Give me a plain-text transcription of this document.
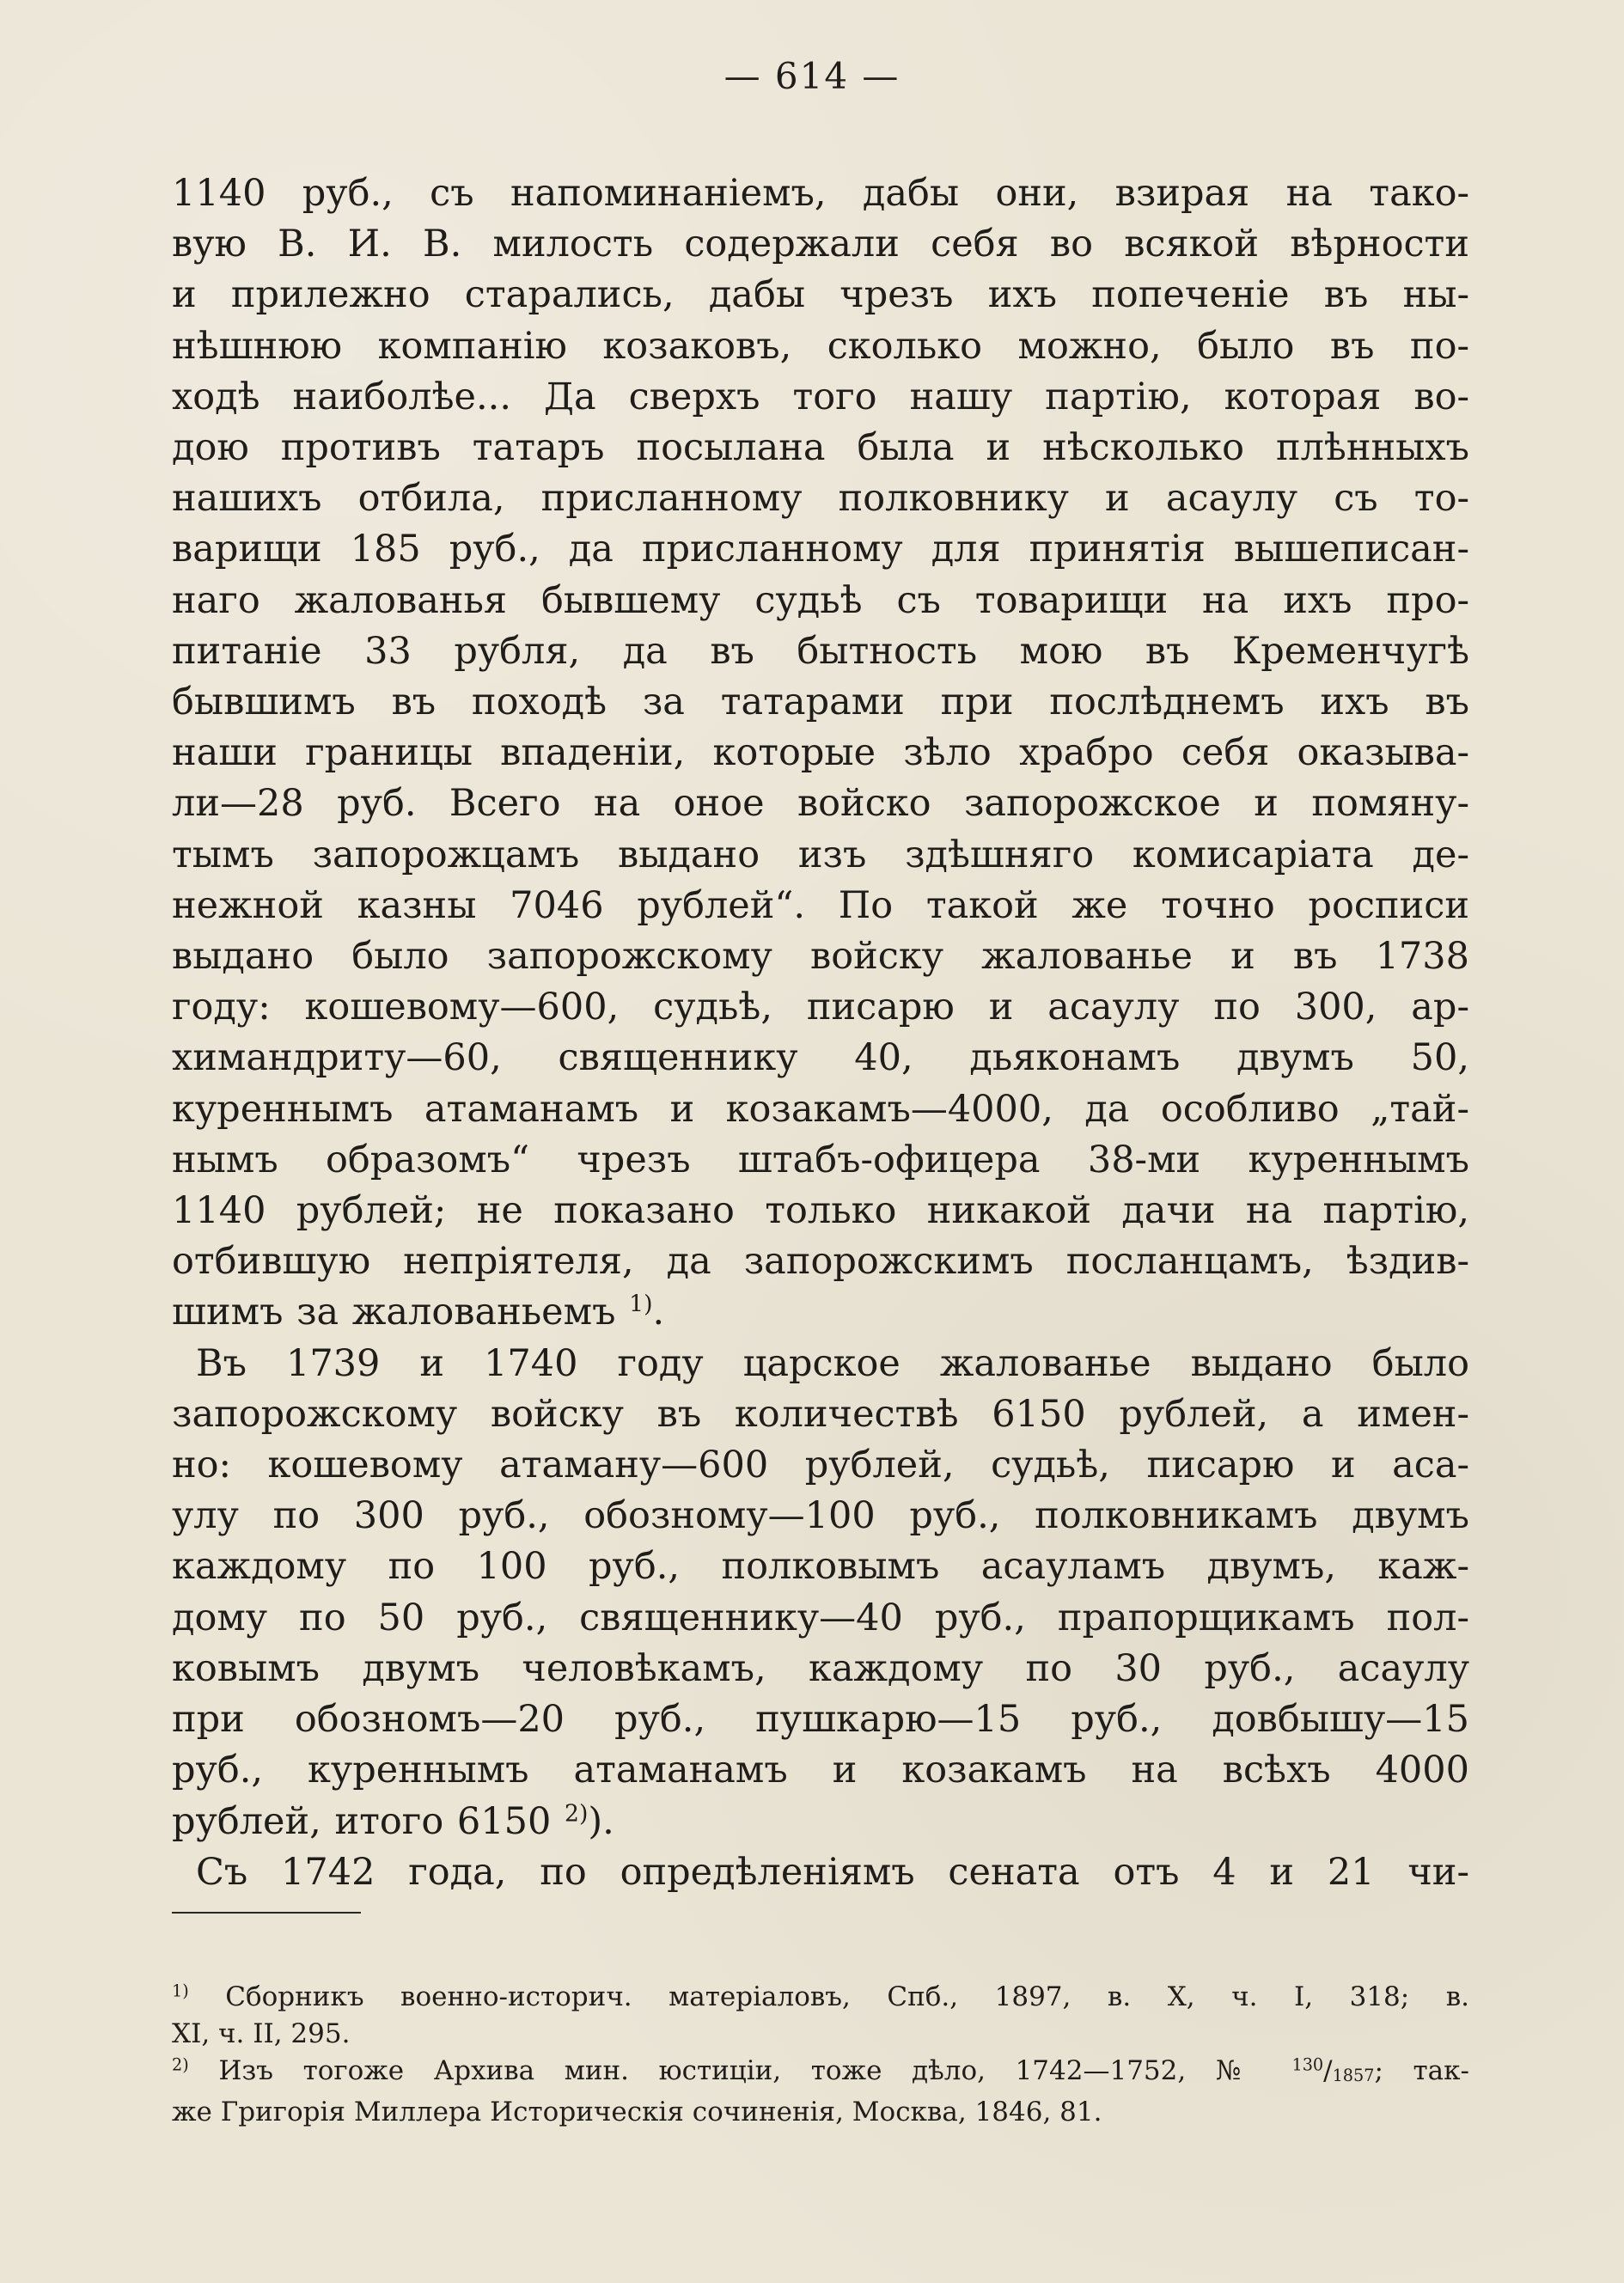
— 614 —
1140 руб., съ напоминаніемъ, дабы они, взирая на тако-
вую В. И. В. милость содержали себя во всякой вѣрности
и прилежно старались, дабы чрезъ ихъ попеченіе въ ны-
нѣшнюю компанію козаковъ, сколько можно, было въ по-
ходѣ наиболѣе... Да сверхъ того нашу партію, которая во-
дою противъ татаръ посылана была и нѣсколько плѣнныхъ
нашихъ отбила, присланному полковнику и асаулу съ то-
варищи 185 руб., да присланному для принятія вышеписан-
наго жалованья бывшему судьѣ съ товарищи на ихъ про-
питаніе 33 рубля, да въ бытность мою въ Кременчугѣ
бывшимъ въ походѣ за татарами при послѣднемъ ихъ въ
наши границы впаденіи, которые зѣло храбро себя оказыва-
ли—28 руб. Всего на оное войско запорожское и помяну-
тымъ запорожцамъ выдано изъ здѣшняго комисаріата де-
нежной казны 7046 рублей“. По такой же точно росписи
выдано было запорожскому войску жалованье и въ 1738
году: кошевому—600, судьѣ, писарю и асаулу по 300, ар-
химандриту—60, священнику 40, дьяконамъ двумъ 50,
куреннымъ атаманамъ и козакамъ—4000, да особливо „тай-
нымъ образомъ“ чрезъ штабъ-офицера 38-ми куреннымъ
1140 рублей; не показано только никакой дачи на партію,
отбившую непріятеля, да запорожскимъ посланцамъ, ѣздив-
шимъ за жалованьемъ $^{1)}$.
Въ 1739 и 1740 году царское жалованье выдано было
запорожскому войску въ количествѣ 6150 рублей, а имен-
но: кошевому атаману—600 рублей, судьѣ, писарю и аса-
улу по 300 руб., обозному—100 руб., полковникамъ двумъ
каждому по 100 руб., полковымъ асауламъ двумъ, каж-
дому по 50 руб., священнику—40 руб., прапорщикамъ пол-
ковымъ двумъ человѣкамъ, каждому по 30 руб., асаулу
при обозномъ—20 руб., пушкарю—15 руб., довбышу—15
руб., куреннымъ атаманамъ и козакамъ на всѣхъ 4000
рублей, итого 6150 $^{2)}$).
Съ 1742 года, по опредѣленіямъ сената отъ 4 и 21 чи-
$^{1)}$ Сборникъ военно-историч. матеріаловъ, Спб., 1897, в. X, ч. I, 318; в.
XI, ч. II, 295.
$^{2)}$ Изъ тогоже Архива мин. юстиціи, тоже дѣло, 1742—1752, № $^{130}$/1857; так-
же Григорія Миллера Историческія сочиненія, Москва, 1846, 81.
